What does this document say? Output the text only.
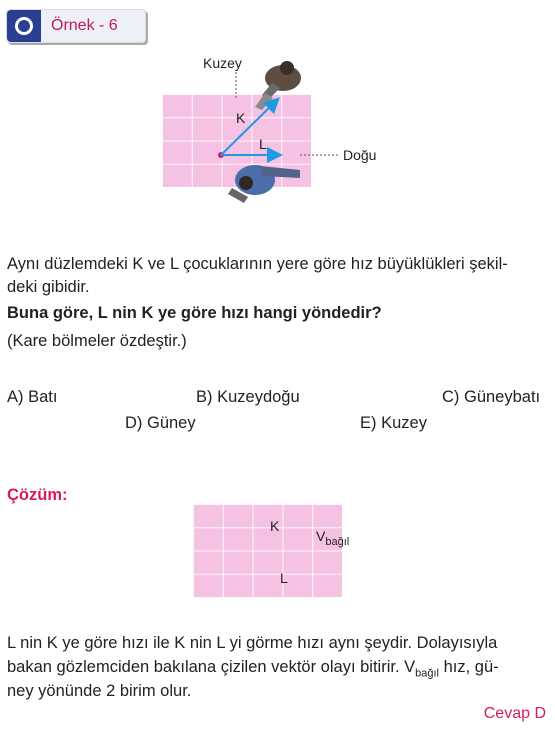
Örnek - 6
Kuzey
Doğu
K
L
Aynı düzlemdeki K ve L çocuklarının yere göre hız büyüklükleri şekil-
deki gibidir.
Buna göre, L nin K ye göre hızı hangi yöndedir?
(Kare bölmeler özdeştir.)
A) Batı	B) Kuzeydoğu	C) Güneybatı
D) Güney	E) Kuzey
Çözüm:
K
L
$V_{bağıl}$
L nin K ye göre hızı ile K nin L yi görme hızı aynı şeydir. Dolayısıyla
bakan gözlemciden bakılana çizilen vektör olayı bitirir. $V_{bağıl}$ hız, gü-
ney yönünde 2 birim olur.
Cevap D
